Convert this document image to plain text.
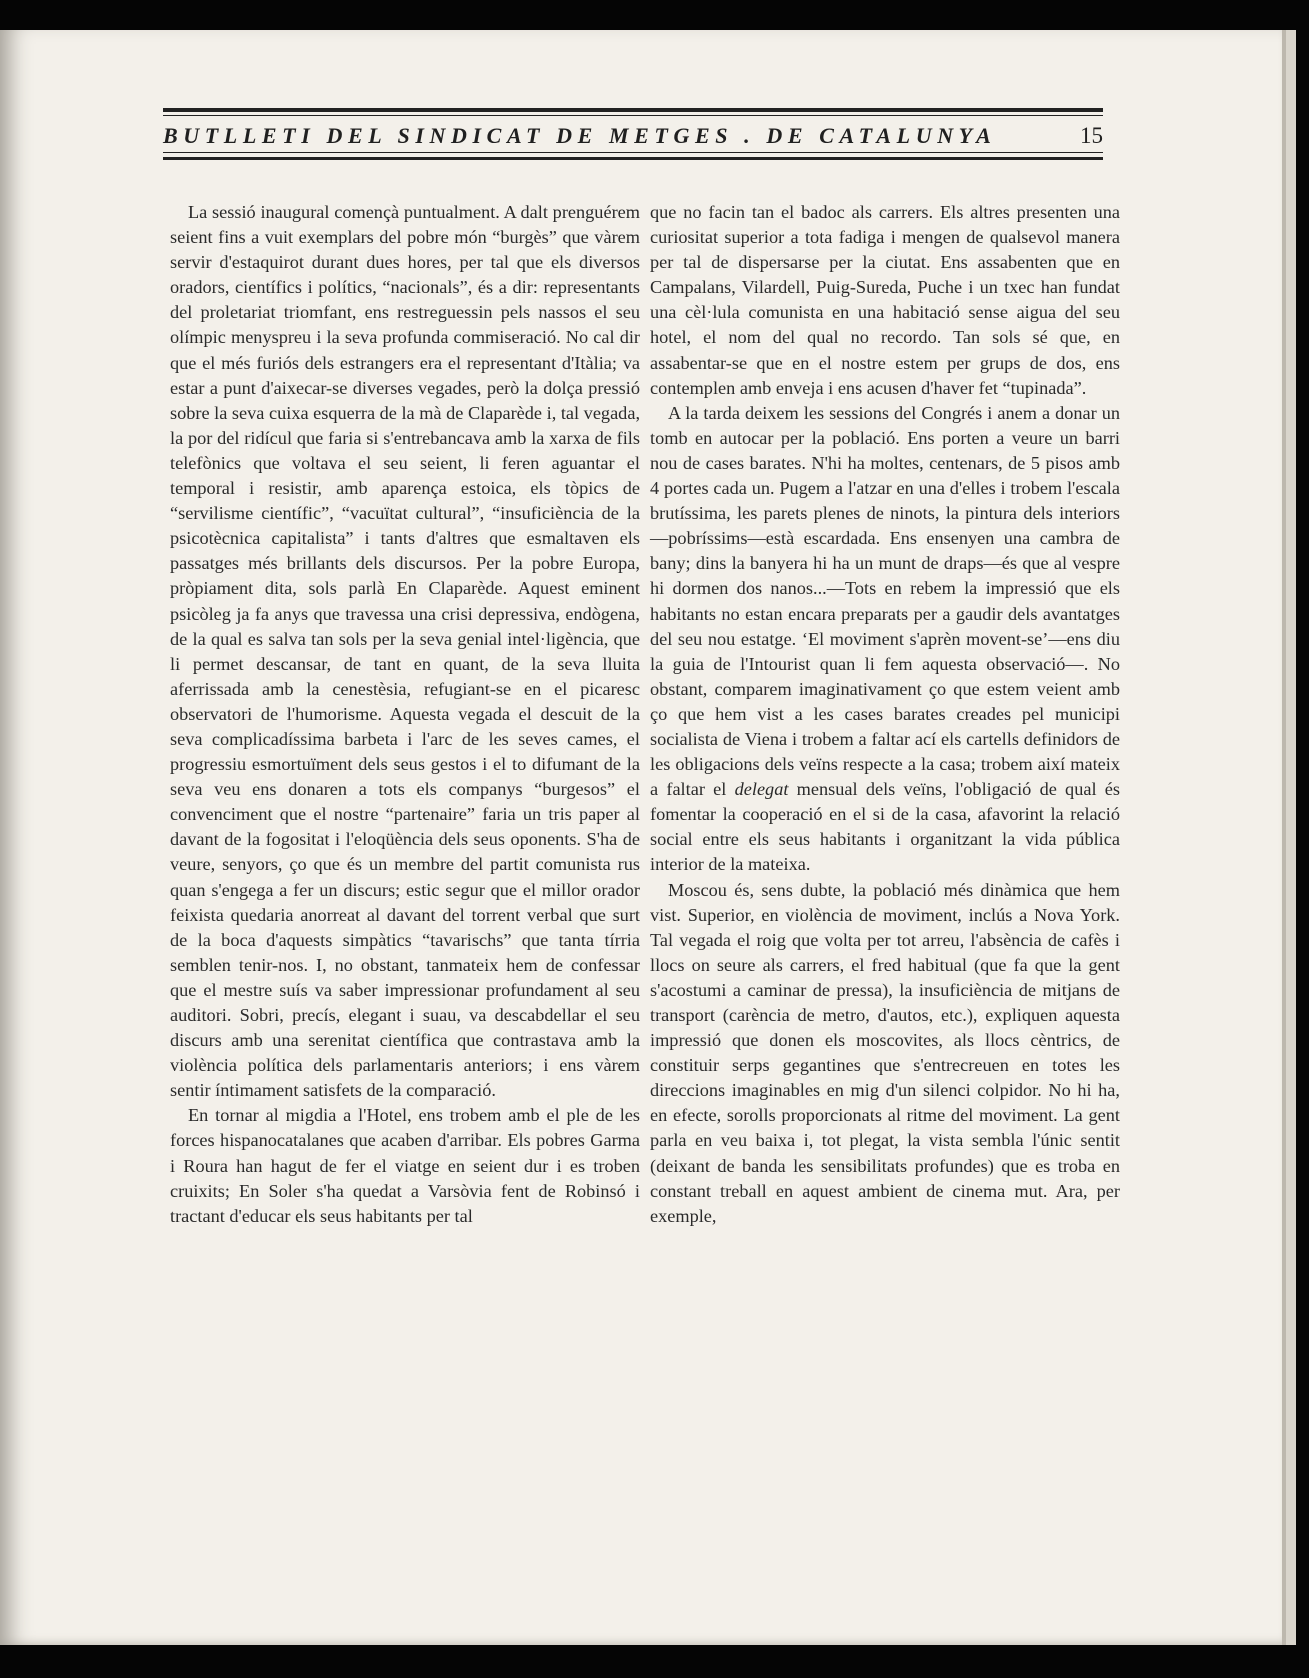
BUTLLETI DEL SINDICAT DE METGES . DE CATALUNYA	15

La sessió inaugural començà puntualment. A dalt prenguérem seient fins a vuit exemplars del pobre món “burgès” que vàrem servir d'estaquirot durant dues hores, per tal que els diversos oradors, científics i polítics, “nacionals”, és a dir: representants del proletariat triomfant, ens restreguessin pels nassos el seu olímpic menyspreu i la seva profunda commiseració. No cal dir que el més furiós dels estrangers era el representant d'Itàlia; va estar a punt d'aixecar-se diverses vegades, però la dolça pressió sobre la seva cuixa esquerra de la mà de Claparède i, tal vegada, la por del ridícul que faria si s'entrebancava amb la xarxa de fils telefònics que voltava el seu seient, li feren aguantar el temporal i resistir, amb aparença estoica, els tòpics de “servilisme científic”, “vacuïtat cultural”, “insuficiència de la psicotècnica capitalista” i tants d'altres que esmaltaven els passatges més brillants dels discursos. Per la pobre Europa, pròpiament dita, sols parlà En Claparède. Aquest eminent psicòleg ja fa anys que travessa una crisi depressiva, endògena, de la qual es salva tan sols per la seva genial intel·ligència, que li permet descansar, de tant en quant, de la seva lluita aferrissada amb la cenestèsia, refugiant-se en el picaresc observatori de l'humorisme. Aquesta vegada el descuit de la seva complicadíssima barbeta i l'arc de les seves cames, el progressiu esmortuïment dels seus gestos i el to difumant de la seva veu ens donaren a tots els companys “burgesos” el convenciment que el nostre “partenaire” faria un tris paper al davant de la fogositat i l'eloqüència dels seus oponents. S'ha de veure, senyors, ço que és un membre del partit comunista rus quan s'engega a fer un discurs; estic segur que el millor orador feixista quedaria anorreat al davant del torrent verbal que surt de la boca d'aquests simpàtics “tavarischs” que tanta tírria semblen tenir-nos. I, no obstant, tanmateix hem de confessar que el mestre suís va saber impressionar profundament al seu auditori. Sobri, precís, elegant i suau, va descabdellar el seu discurs amb una serenitat científica que contrastava amb la violència política dels parlamentaris anteriors; i ens vàrem sentir íntimament satisfets de la comparació.

En tornar al migdia a l'Hotel, ens trobem amb el ple de les forces hispanocatalanes que acaben d'arribar. Els pobres Garma i Roura han hagut de fer el viatge en seient dur i es troben cruixits; En Soler s'ha quedat a Varsòvia fent de Robinsó i tractant d'educar els seus habitants per tal

que no facin tan el badoc als carrers. Els altres presenten una curiositat superior a tota fadiga i mengen de qualsevol manera per tal de dispersarse per la ciutat. Ens assabenten que en Campalans, Vilardell, Puig-Sureda, Puche i un txec han fundat una cèl·lula comunista en una habitació sense aigua del seu hotel, el nom del qual no recordo. Tan sols sé que, en assabentar-se que en el nostre estem per grups de dos, ens contemplen amb enveja i ens acusen d'haver fet “tupinada”.

A la tarda deixem les sessions del Congrés i anem a donar un tomb en autocar per la població. Ens porten a veure un barri nou de cases barates. N'hi ha moltes, centenars, de 5 pisos amb 4 portes cada un. Pugem a l'atzar en una d'elles i trobem l'escala brutíssima, les parets plenes de ninots, la pintura dels interiors—pobríssims—està escardada. Ens ensenyen una cambra de bany; dins la banyera hi ha un munt de draps—és que al vespre hi dormen dos nanos...—Tots en rebem la impressió que els habitants no estan encara preparats per a gaudir dels avantatges del seu nou estatge. ‘El moviment s'aprèn movent-se’—ens diu la guia de l'Intourist quan li fem aquesta observació—. No obstant, comparem imaginativament ço que estem veient amb ço que hem vist a les cases barates creades pel municipi socialista de Viena i trobem a faltar ací els cartells definidors de les obligacions dels veïns respecte a la casa; trobem així mateix a faltar el delegat mensual dels veïns, l'obligació de qual és fomentar la cooperació en el si de la casa, afavorint la relació social entre els seus habitants i organitzant la vida pública interior de la mateixa.

Moscou és, sens dubte, la població més dinàmica que hem vist. Superior, en violència de moviment, inclús a Nova York. Tal vegada el roig que volta per tot arreu, l'absència de cafès i llocs on seure als carrers, el fred habitual (que fa que la gent s'acostumi a caminar de pressa), la insuficiència de mitjans de transport (carència de metro, d'autos, etc.), expliquen aquesta impressió que donen els moscovites, als llocs cèntrics, de constituir serps gegantines que s'entrecreuen en totes les direccions imaginables en mig d'un silenci colpidor. No hi ha, en efecte, sorolls proporcionats al ritme del moviment. La gent parla en veu baixa i, tot plegat, la vista sembla l'únic sentit (deixant de banda les sensibilitats profundes) que es troba en constant treball en aquest ambient de cinema mut. Ara, per exemple,
